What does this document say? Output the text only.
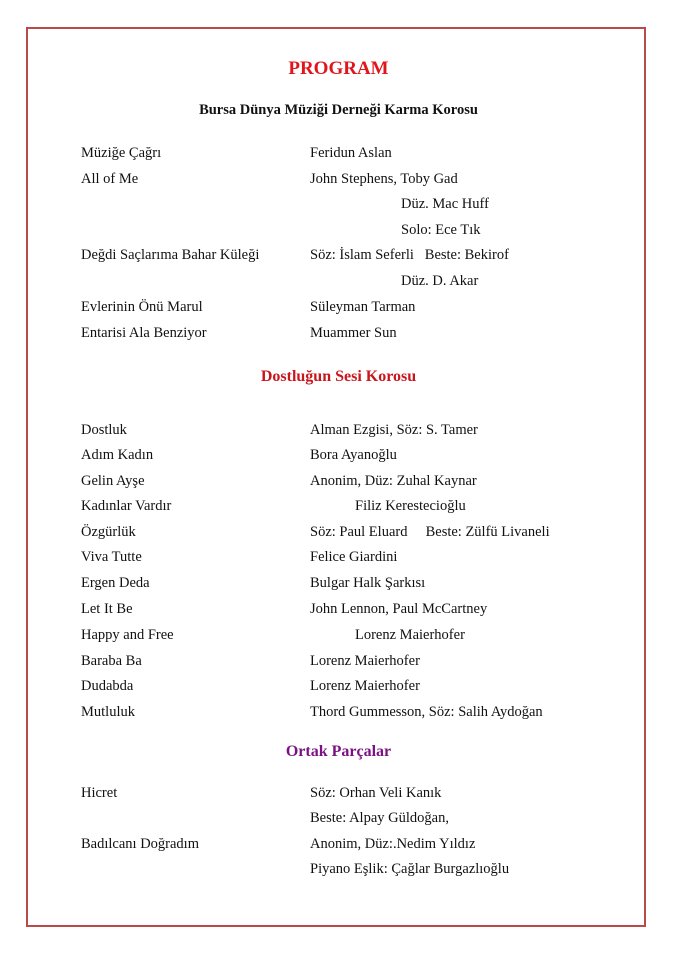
PROGRAM
Bursa Dünya Müziği Derneği Karma Korosu
Müziğe Çağrı	Feridun Aslan
All of Me	John Stephens, Toby Gad
Düz. Mac Huff
Solo: Ece Tık
Değdi Saçlarıma Bahar Küleği	Söz: İslam Seferli   Beste: Bekirof
Düz. D. Akar
Evlerinin Önü Marul	Süleyman Tarman
Entarisi Ala Benziyor	Muammer Sun
Dostluğun Sesi Korosu
Dostluk	Alman Ezgisi, Söz: S. Tamer
Adım Kadın	Bora Ayanoğlu
Gelin Ayşe	Anonim, Düz: Zuhal Kaynar
Kadınlar Vardır	Filiz Kerestecioğlu
Özgürlük	Söz: Paul Eluard     Beste: Zülfü Livaneli
Viva Tutte	Felice Giardini
Ergen Deda	Bulgar Halk Şarkısı
Let It Be	John Lennon, Paul McCartney
Happy and Free	Lorenz Maierhofer
Baraba Ba	Lorenz Maierhofer
Dudabda	Lorenz Maierhofer
Mutluluk	Thord Gummesson, Söz: Salih Aydoğan
Ortak Parçalar
Hicret	Söz: Orhan Veli Kanık
Beste: Alpay Güldoğan,
Badılcanı Doğradım	Anonim, Düz:.Nedim Yıldız
Piyano Eşlik: Çağlar Burgazlıoğlu
